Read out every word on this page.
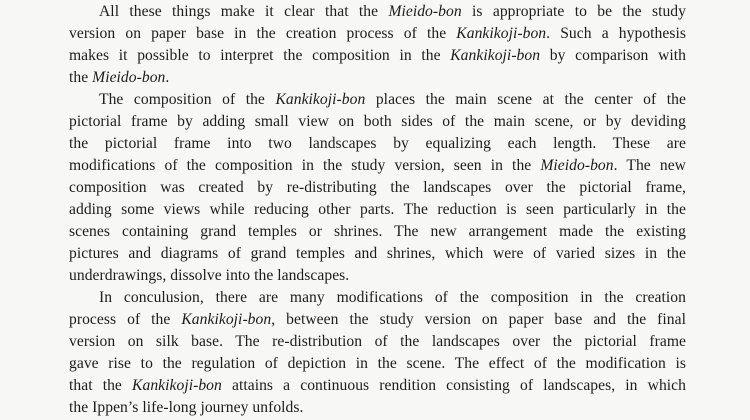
All these things make it clear that the Mieido-bon is appropriate to be the study
version on paper base in the creation process of the Kankikoji-bon. Such a hypothesis
makes it possible to interpret the composition in the Kankikoji-bon by comparison with
the Mieido-bon.
The composition of the Kankikoji-bon places the main scene at the center of the
pictorial frame by adding small view on both sides of the main scene, or by deviding
the pictorial frame into two landscapes by equalizing each length. These are
modifications of the composition in the study version, seen in the Mieido-bon. The new
composition was created by re-distributing the landscapes over the pictorial frame,
adding some views while reducing other parts. The reduction is seen particularly in the
scenes containing grand temples or shrines. The new arrangement made the existing
pictures and diagrams of grand temples and shrines, which were of varied sizes in the
underdrawings, dissolve into the landscapes.
In conculusion, there are many modifications of the composition in the creation
process of the Kankikoji-bon, between the study version on paper base and the final
version on silk base. The re-distribution of the landscapes over the pictorial frame
gave rise to the regulation of depiction in the scene. The effect of the modification is
that the Kankikoji-bon attains a continuous rendition consisting of landscapes, in which
the Ippen’s life-long journey unfolds.
